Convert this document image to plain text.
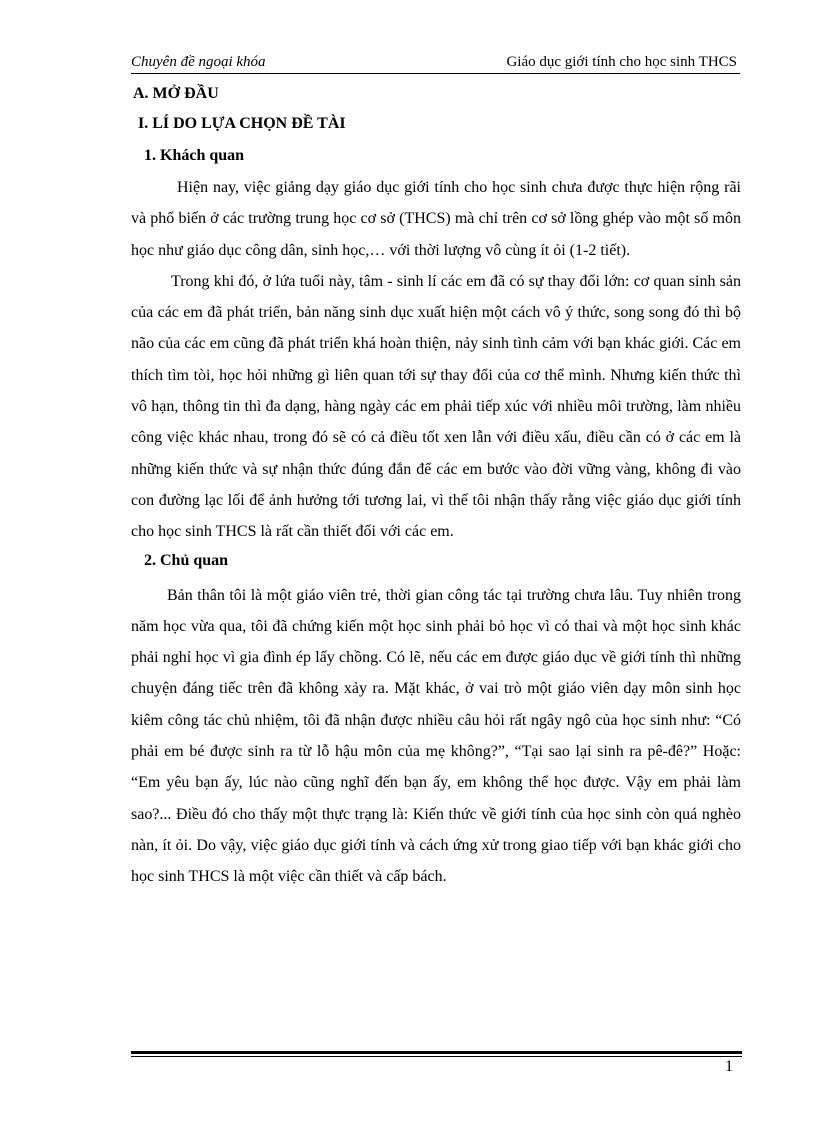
Chuyên đề ngoại khóa	Giáo dục giới tính cho học sinh THCS
A. MỞ ĐẦU
I. LÍ DO LỰA CHỌN ĐỀ TÀI
1. Khách quan

Hiện nay, việc giảng dạy giáo dục giới tính cho học sinh chưa được thực hiện rộng rãi và phổ biến ở các trường trung học cơ sở (THCS) mà chỉ trên cơ sở lồng ghép vào một số môn học như giáo dục công dân, sinh học,… với thời lượng vô cùng ít ỏi (1-2 tiết).

Trong khi đó, ở lứa tuổi này, tâm - sinh lí các em đã có sự thay đổi lớn: cơ quan sinh sản của các em đã phát triển, bản năng sinh dục xuất hiện một cách vô ý thức, song song đó thì bộ não của các em cũng đã phát triển khá hoàn thiện, nảy sinh tình cảm với bạn khác giới. Các em thích tìm tòi, học hỏi những gì liên quan tới sự thay đổi của cơ thể mình. Nhưng kiến thức thì vô hạn, thông tin thì đa dạng, hàng ngày các em phải tiếp xúc với nhiều môi trường, làm nhiều công việc khác nhau, trong đó sẽ có cả điều tốt xen lẫn với điều xấu, điều cần có ở các em là những kiến thức và sự nhận thức đúng đắn để các em bước vào đời vững vàng, không đi vào con đường lạc lối để ảnh hưởng tới tương lai, vì thế tôi nhận thấy rằng việc giáo dục giới tính cho học sinh THCS là rất cần thiết đối với các em.

2. Chủ quan

Bản thân tôi là một giáo viên trẻ, thời gian công tác tại trường chưa lâu. Tuy nhiên trong năm học vừa qua, tôi đã chứng kiến một học sinh phải bỏ học vì có thai và một học sinh khác phải nghỉ học vì gia đình ép lấy chồng. Có lẽ, nếu các em được giáo dục về giới tính thì những chuyện đáng tiếc trên đã không xảy ra. Mặt khác, ở vai trò một giáo viên dạy môn sinh học kiêm công tác chủ nhiệm, tôi đã nhận được nhiều câu hỏi rất ngây ngô của học sinh như: “Có phải em bé được sinh ra từ lỗ hậu môn của mẹ không?”, “Tại sao lại sinh ra pê-đê?” Hoặc: “Em yêu bạn ấy, lúc nào cũng nghĩ đến bạn ấy, em không thể học được. Vậy em phải làm sao?... Điều đó cho thấy một thực trạng là: Kiến thức về giới tính của học sinh còn quá nghèo nàn, ít ỏi. Do vậy, việc giáo dục giới tính và cách ứng xử trong giao tiếp với bạn khác giới cho học sinh THCS là một việc cần thiết và cấp bách.

1
